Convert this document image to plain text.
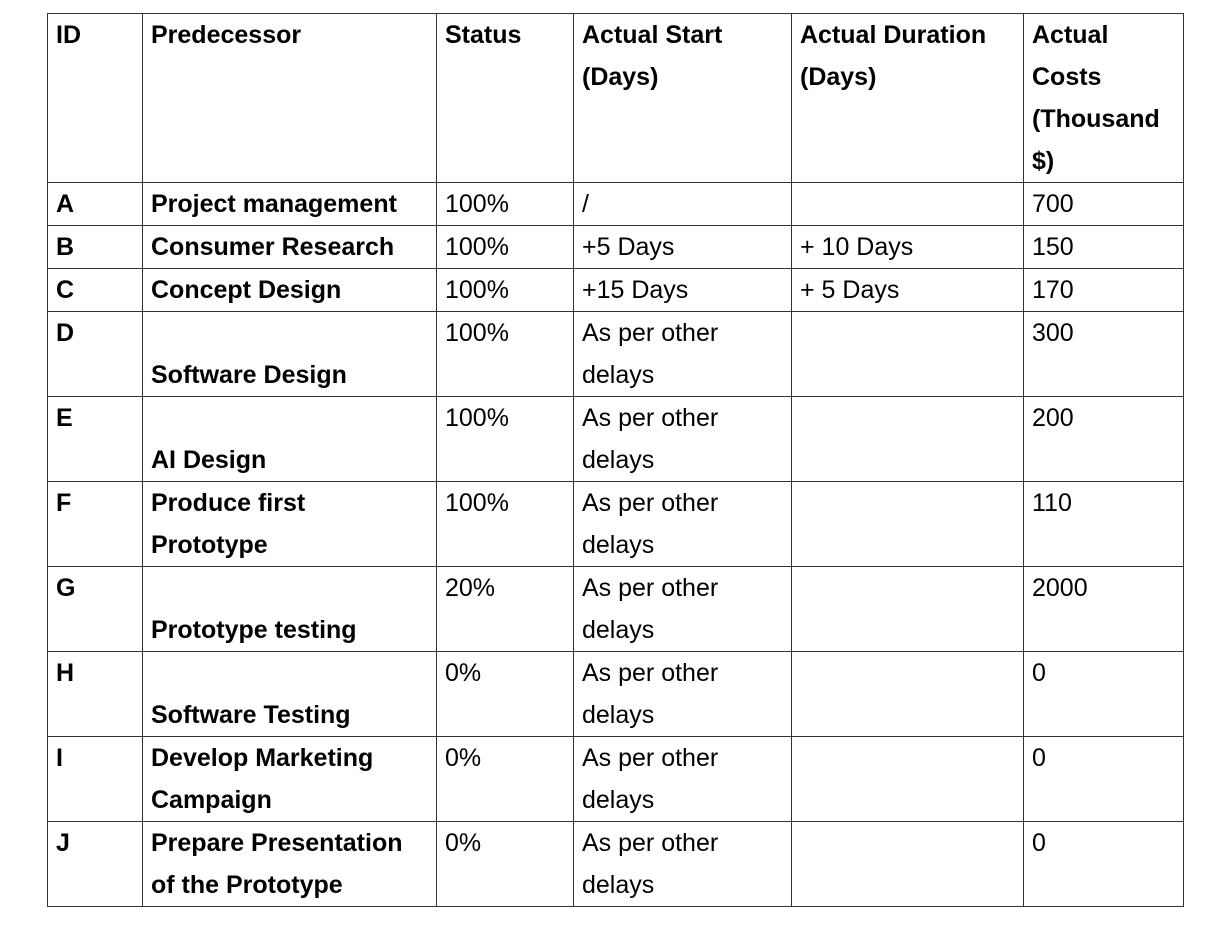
ID	Predecessor	Status	Actual Start (Days)	Actual Duration (Days)	Actual Costs (Thousand $)
A	Project management	100%	/		700
B	Consumer Research	100%	+5 Days	+ 10 Days	150
C	Concept Design	100%	+15 Days	+ 5 Days	170
D	Software Design	100%	As per other delays		300
E	AI Design	100%	As per other delays		200
F	Produce first Prototype	100%	As per other delays		110
G	Prototype testing	20%	As per other delays		2000
H	Software Testing	0%	As per other delays		0
I	Develop Marketing Campaign	0%	As per other delays		0
J	Prepare Presentation of the Prototype	0%	As per other delays		0
